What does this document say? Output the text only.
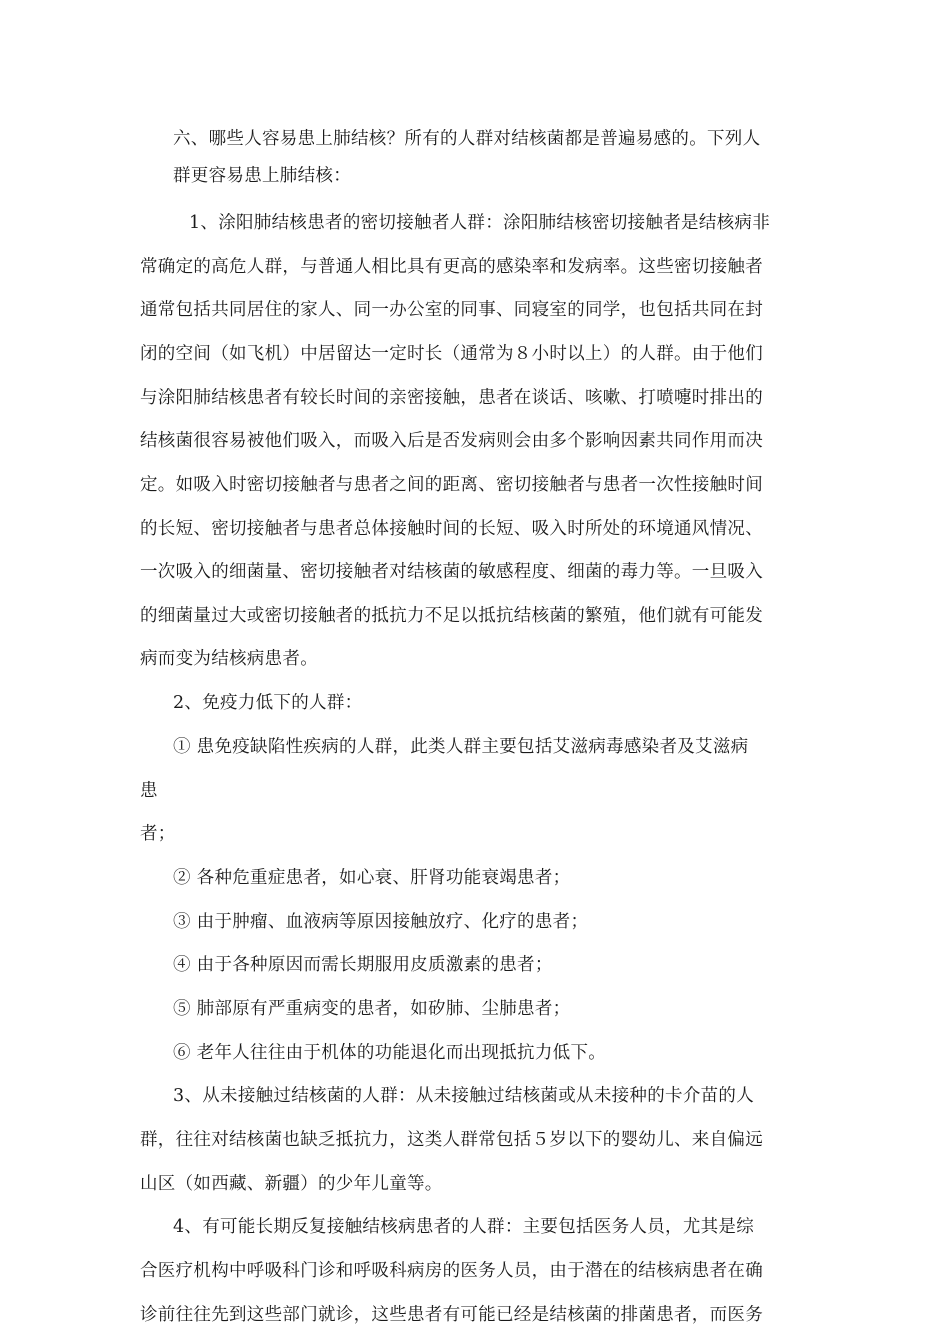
六、哪些人容易患上肺结核？所有的人群对结核菌都是普遍易感的。下列人
群更容易患上肺结核：
1、涂阳肺结核患者的密切接触者人群：涂阳肺结核密切接触者是结核病非
常确定的高危人群，与普通人相比具有更高的感染率和发病率。这些密切接触者
通常包括共同居住的家人、同一办公室的同事、同寝室的同学，也包括共同在封
闭的空间（如飞机）中居留达一定时长（通常为８小时以上）的人群。由于他们
与涂阳肺结核患者有较长时间的亲密接触，患者在谈话、咳嗽、打喷嚏时排出的
结核菌很容易被他们吸入，而吸入后是否发病则会由多个影响因素共同作用而决
定。如吸入时密切接触者与患者之间的距离、密切接触者与患者一次性接触时间
的长短、密切接触者与患者总体接触时间的长短、吸入时所处的环境通风情况、
一次吸入的细菌量、密切接触者对结核菌的敏感程度、细菌的毒力等。一旦吸入
的细菌量过大或密切接触者的抵抗力不足以抵抗结核菌的繁殖，他们就有可能发
病而变为结核病患者。
2、免疫力低下的人群：
① 患免疫缺陷性疾病的人群，此类人群主要包括艾滋病毒感染者及艾滋病
患
者；
② 各种危重症患者，如心衰、肝肾功能衰竭患者；
③ 由于肿瘤、血液病等原因接触放疗、化疗的患者；
④ 由于各种原因而需长期服用皮质激素的患者；
⑤ 肺部原有严重病变的患者，如矽肺、尘肺患者；
⑥ 老年人往往由于机体的功能退化而出现抵抗力低下。
3、从未接触过结核菌的人群：从未接触过结核菌或从未接种的卡介苗的人
群，往往对结核菌也缺乏抵抗力，这类人群常包括５岁以下的婴幼儿、来自偏远
山区（如西藏、新疆）的少年儿童等。
4、有可能长期反复接触结核病患者的人群：主要包括医务人员，尤其是综
合医疗机构中呼吸科门诊和呼吸科病房的医务人员，由于潜在的结核病患者在确
诊前往往先到这些部门就诊，这些患者有可能已经是结核菌的排菌患者，而医务
